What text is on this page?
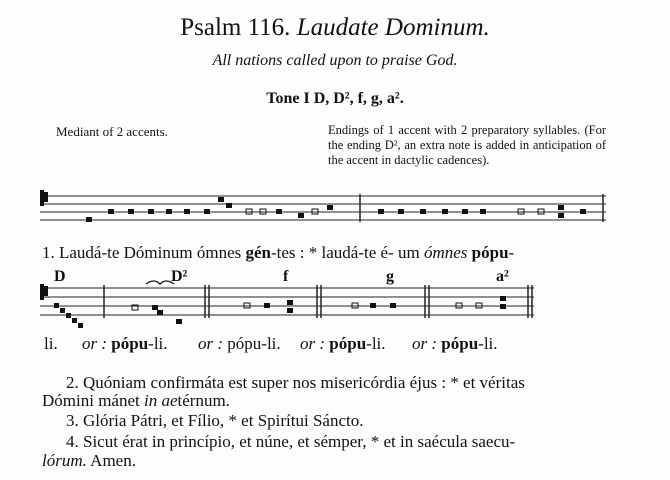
Psalm 116. Laudate Dominum.
All nations called upon to praise God.
Tone I D, D², f, g, a².
Mediant of 2 accents.	Endings of 1 accent with 2 preparatory syllables. (For the ending D², an extra note is added in anticipation of the accent in dactylic cadences).
D	D²	f	g	a²
1. Laudá-te Dóminum ómnes gén-tes : * laudá-te é- um ómnes pópu-
li. or : pópu-li. or : pópu-li. or : pópu-li. or : pópu-li.
2. Quóniam confirmáta est super nos misericórdia éjus : * et véritas
Dómini mánet in aetérnum.
3. Glória Pátri, et Fílio, * et Spirítui Sáncto.
4. Sicut érat in princípio, et núne, et sémper, * et in saécula saecu-
lórum. Amen.
